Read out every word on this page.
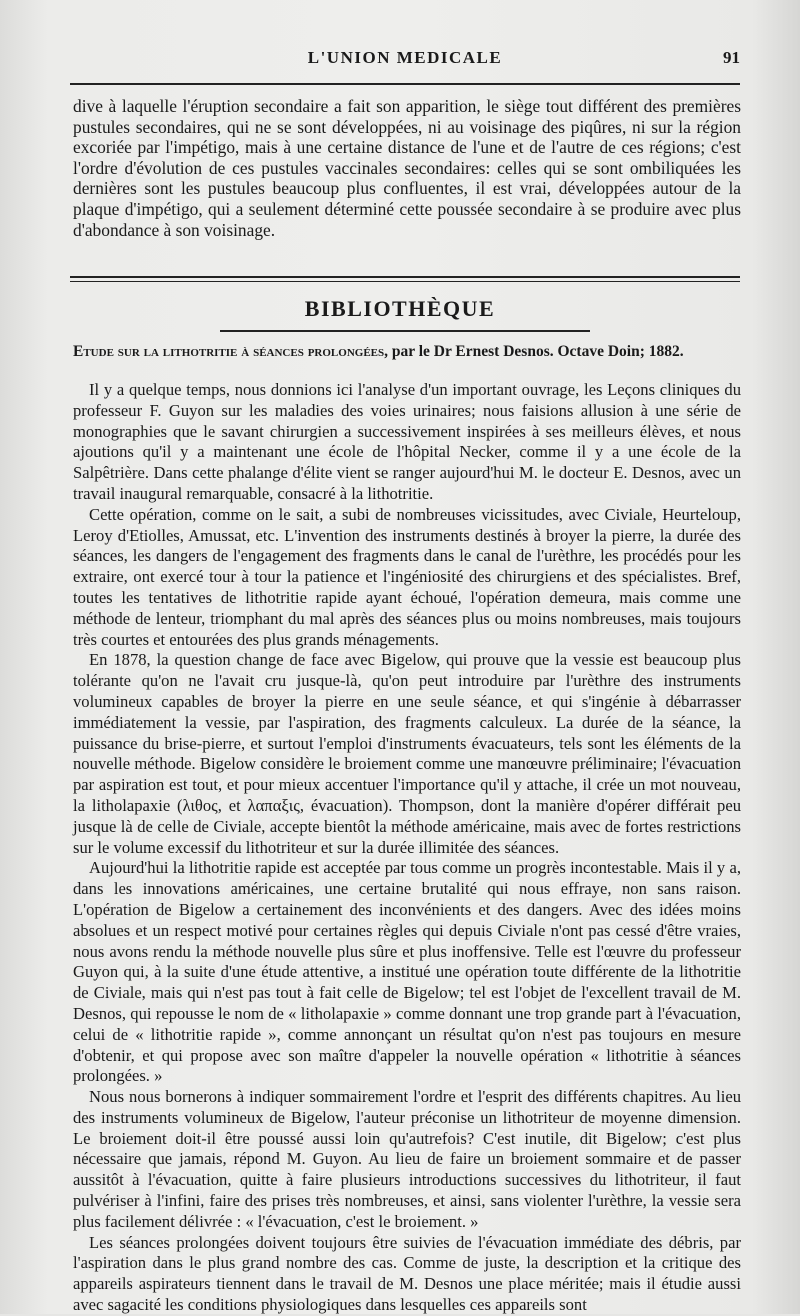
L'UNION MEDICALE	91

dive à laquelle l'éruption secondaire a fait son apparition, le siège tout différent des premières pustules secondaires, qui ne se sont développées, ni au voisinage des piqûres, ni sur la région excoriée par l'impétigo, mais à une certaine distance de l'une et de l'autre de ces régions; c'est l'ordre d'évolution de ces pustules vaccinales secondaires: celles qui se sont ombiliquées les dernières sont les pustules beaucoup plus confluentes, il est vrai, développées autour de la plaque d'impétigo, qui a seulement déterminé cette poussée secondaire à se produire avec plus d'abondance à son voisinage.

BIBLIOTHÈQUE
Etude sur la lithotritie à séances prolongées, par le Dr Ernest Desnos. Octave Doin; 1882.

Il y a quelque temps, nous donnions ici l'analyse d'un important ouvrage, les Leçons cliniques du professeur F. Guyon sur les maladies des voies urinaires; nous faisions allusion à une série de monographies que le savant chirurgien a successivement inspirées à ses meilleurs élèves, et nous ajoutions qu'il y a maintenant une école de l'hôpital Necker, comme il y a une école de la Salpêtrière. Dans cette phalange d'élite vient se ranger aujourd'hui M. le docteur E. Desnos, avec un travail inaugural remarquable, consacré à la lithotritie.

Cette opération, comme on le sait, a subi de nombreuses vicissitudes, avec Civiale, Heurteloup, Leroy d'Etiolles, Amussat, etc. L'invention des instruments destinés à broyer la pierre, la durée des séances, les dangers de l'engagement des fragments dans le canal de l'urèthre, les procédés pour les extraire, ont exercé tour à tour la patience et l'ingéniosité des chirurgiens et des spécialistes. Bref, toutes les tentatives de lithotritie rapide ayant échoué, l'opération demeura, mais comme une méthode de lenteur, triomphant du mal après des séances plus ou moins nombreuses, mais toujours très courtes et entourées des plus grands ménagements.

En 1878, la question change de face avec Bigelow, qui prouve que la vessie est beaucoup plus tolérante qu'on ne l'avait cru jusque-là, qu'on peut introduire par l'urèthre des instruments volumineux capables de broyer la pierre en une seule séance, et qui s'ingénie à débarrasser immédiatement la vessie, par l'aspiration, des fragments calculeux. La durée de la séance, la puissance du brise-pierre, et surtout l'emploi d'instruments évacuateurs, tels sont les éléments de la nouvelle méthode. Bigelow considère le broiement comme une manœuvre préliminaire; l'évacuation par aspiration est tout, et pour mieux accentuer l'importance qu'il y attache, il crée un mot nouveau, la litholapaxie (λιθος, et λαπαξις, évacuation). Thompson, dont la manière d'opérer différait peu jusque là de celle de Civiale, accepte bientôt la méthode américaine, mais avec de fortes restrictions sur le volume excessif du lithotriteur et sur la durée illimitée des séances.

Aujourd'hui la lithotritie rapide est acceptée par tous comme un progrès incontestable. Mais il y a, dans les innovations américaines, une certaine brutalité qui nous effraye, non sans raison. L'opération de Bigelow a certainement des inconvénients et des dangers. Avec des idées moins absolues et un respect motivé pour certaines règles qui depuis Civiale n'ont pas cessé d'être vraies, nous avons rendu la méthode nouvelle plus sûre et plus inoffensive. Telle est l'œuvre du professeur Guyon qui, à la suite d'une étude attentive, a institué une opération toute différente de la lithotritie de Civiale, mais qui n'est pas tout à fait celle de Bigelow; tel est l'objet de l'excellent travail de M. Desnos, qui repousse le nom de « litholapaxie » comme donnant une trop grande part à l'évacuation, celui de « lithotritie rapide », comme annonçant un résultat qu'on n'est pas toujours en mesure d'obtenir, et qui propose avec son maître d'appeler la nouvelle opération « lithotritie à séances prolongées. »

Nous nous bornerons à indiquer sommairement l'ordre et l'esprit des différents chapitres. Au lieu des instruments volumineux de Bigelow, l'auteur préconise un lithotriteur de moyenne dimension. Le broiement doit-il être poussé aussi loin qu'autrefois? C'est inutile, dit Bigelow; c'est plus nécessaire que jamais, répond M. Guyon. Au lieu de faire un broiement sommaire et de passer aussitôt à l'évacuation, quitte à faire plusieurs introductions successives du lithotriteur, il faut pulvériser à l'infini, faire des prises très nombreuses, et ainsi, sans violenter l'urèthre, la vessie sera plus facilement délivrée : « l'évacuation, c'est le broiement. »

Les séances prolongées doivent toujours être suivies de l'évacuation immédiate des débris, par l'aspiration dans le plus grand nombre des cas. Comme de juste, la description et la critique des appareils aspirateurs tiennent dans le travail de M. Desnos une place méritée; mais il étudie aussi avec sagacité les conditions physiologiques dans lesquelles ces appareils sont
